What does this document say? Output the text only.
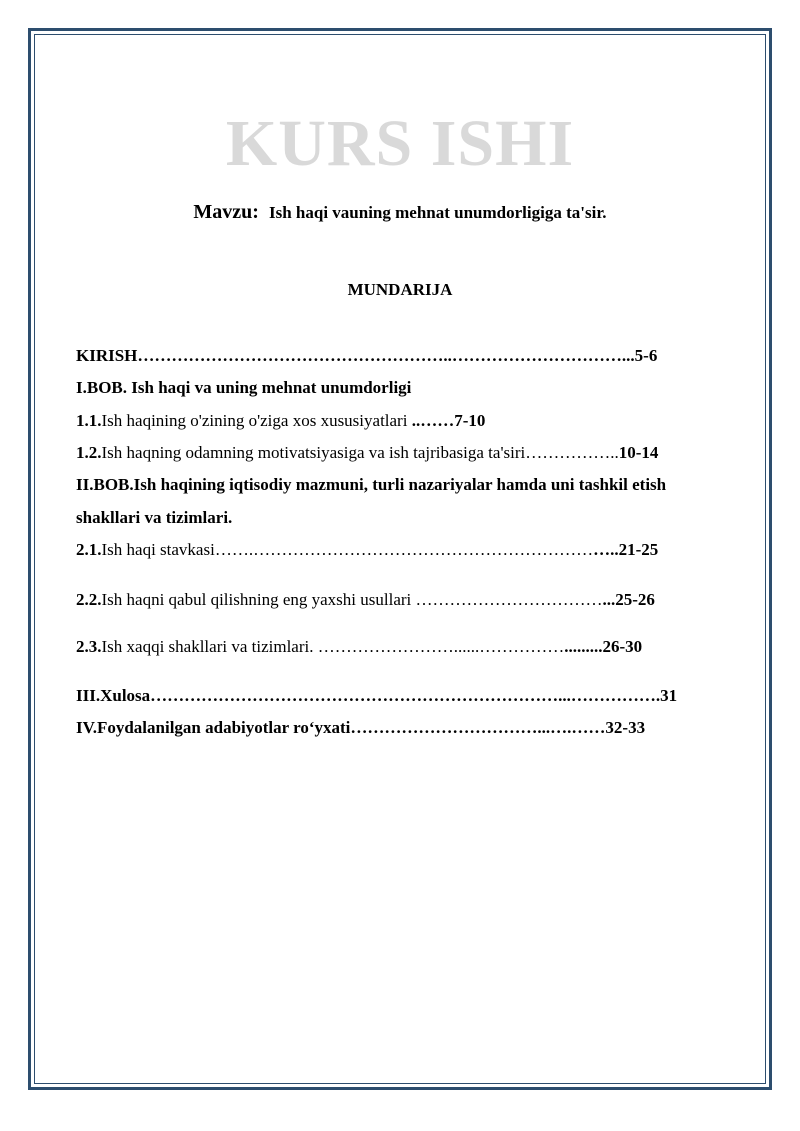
KURS ISHI
Mavzu: Ish haqi vauning mehnat unumdorligiga ta'sir.
MUNDARIJA
KIRISH………………………………………………..…………………………...5-6
I.BOB. Ish haqi va uning mehnat unumdorligi
1.1.Ish haqining o'zining o'ziga xos xususiyatlari ..……7-10
1.2.Ish haqning odamning motivatsiyasiga va ish tajribasiga ta'siri……………..10-14
II.BOB.Ish haqining iqtisodiy mazmuni, turli nazariyalar hamda uni tashkil etish
shakllari va tizimlari.
2.1.Ish haqi stavkasi…….………………………………………………………..21-25
2.2.Ish haqni qabul qilishning eng yaxshi usullari ……………………………...25-26
2.3.Ish xaqqi shakllari va tizimlari. ……………………......…………….........26-30
III.Xulosa………………………………………………………………...…………….31
IV.Foydalanilgan adabiyotlar ro‘yxati……………………………...….……32-33
